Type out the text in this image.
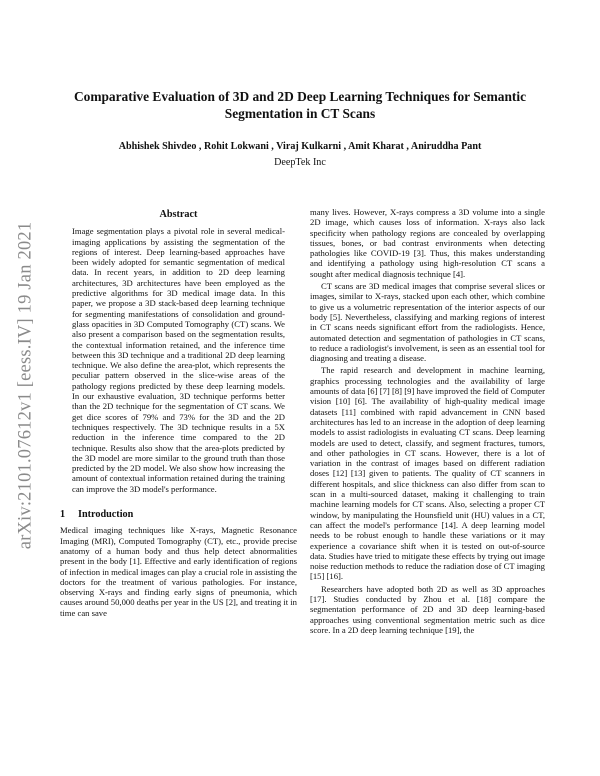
arXiv:2101.07612v1 [eess.IV] 19 Jan 2021
Comparative Evaluation of 3D and 2D Deep Learning Techniques for Semantic Segmentation in CT Scans
Abhishek Shivdeo , Rohit Lokwani , Viraj Kulkarni , Amit Kharat , Aniruddha Pant
DeepTek Inc
Abstract

Image segmentation plays a pivotal role in several medical-imaging applications by assisting the segmentation of the regions of interest. Deep learning-based approaches have been widely adopted for semantic segmentation of medical data. In recent years, in addition to 2D deep learning architectures, 3D architectures have been employed as the predictive algorithms for 3D medical image data. In this paper, we propose a 3D stack-based deep learning technique for segmenting manifestations of consolidation and ground-glass opacities in 3D Computed Tomography (CT) scans. We also present a comparison based on the segmentation results, the contextual information retained, and the inference time between this 3D technique and a traditional 2D deep learning technique. We also define the area-plot, which represents the peculiar pattern observed in the slice-wise areas of the pathology regions predicted by these deep learning models. In our exhaustive evaluation, 3D technique performs better than the 2D technique for the segmentation of CT scans. We get dice scores of 79% and 73% for the 3D and the 2D techniques respectively. The 3D technique results in a 5X reduction in the inference time compared to the 2D technique. Results also show that the area-plots predicted by the 3D model are more similar to the ground truth than those predicted by the 2D model. We also show how increasing the amount of contextual information retained during the training can improve the 3D model's performance.

1 Introduction

Medical imaging techniques like X-rays, Magnetic Resonance Imaging (MRI), Computed Tomography (CT), etc., provide precise anatomy of a human body and thus help detect abnormalities present in the body [1]. Effective and early identification of regions of infection in medical images can play a crucial role in assisting the doctors for the treatment of various pathologies. For instance, observing X-rays and finding early signs of pneumonia, which causes around 50,000 deaths per year in the US [2], and treating it in time can save

many lives. However, X-rays compress a 3D volume into a single 2D image, which causes loss of information. X-rays also lack specificity when pathology regions are concealed by overlapping tissues, bones, or bad contrast environments when detecting pathologies like COVID-19 [3]. Thus, this makes understanding and identifying a pathology using high-resolution CT scans a sought after medical diagnosis technique [4].

CT scans are 3D medical images that comprise several slices or images, similar to X-rays, stacked upon each other, which combine to give us a volumetric representation of the interior aspects of our body [5]. Nevertheless, classifying and marking regions of interest in CT scans needs significant effort from the radiologists. Hence, automated detection and segmentation of pathologies in CT scans, to reduce a radiologist's involvement, is seen as an essential tool for diagnosing and treating a disease.

The rapid research and development in machine learning, graphics processing technologies and the availability of large amounts of data [6] [7] [8] [9] have improved the field of Computer vision [10] [6]. The availability of high-quality medical image datasets [11] combined with rapid advancement in CNN based architectures has led to an increase in the adoption of deep learning models to assist radiologists in evaluating CT scans. Deep learning models are used to detect, classify, and segment fractures, tumors, and other pathologies in CT scans. However, there is a lot of variation in the contrast of images based on different radiation doses [12] [13] given to patients. The quality of CT scanners in different hospitals, and slice thickness can also differ from scan to scan in a multi-sourced dataset, making it challenging to train machine learning models for CT scans. Also, selecting a proper CT window, by manipulating the Hounsfield unit (HU) values in a CT, can affect the model's performance [14]. A deep learning model needs to be robust enough to handle these variations or it may experience a covariance shift when it is tested on out-of-source data. Studies have tried to mitigate these effects by trying out image noise reduction methods to reduce the radiation dose of CT imaging [15] [16].

Researchers have adopted both 2D as well as 3D approaches [17]. Studies conducted by Zhou et al. [18] compare the segmentation performance of 2D and 3D deep learning-based approaches using conventional segmentation metric such as dice score. In a 2D deep learning technique [19], the
